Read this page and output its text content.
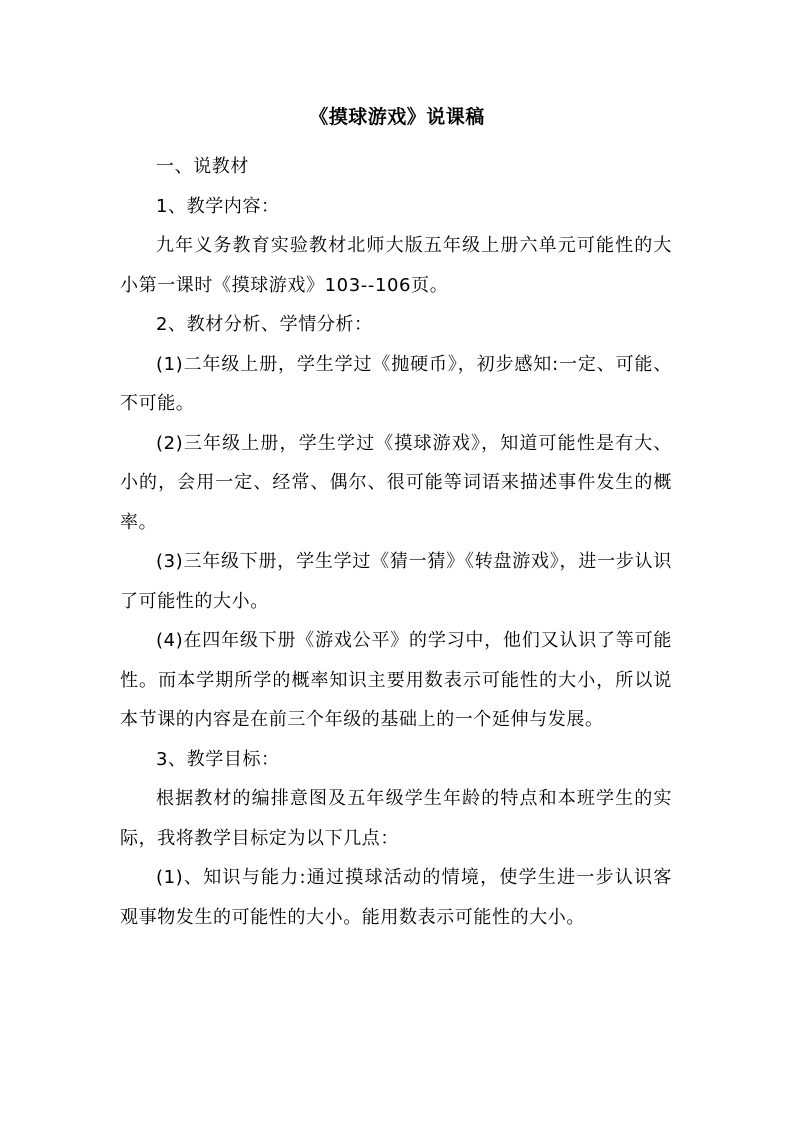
《摸球游戏》说课稿

一、说教材

1、教学内容：

九年义务教育实验教材北师大版五年级上册六单元可能性的大小第一课时《摸球游戏》103--106页。

2、教材分析、学情分析：

(1)二年级上册，学生学过《抛硬币》，初步感知:一定、可能、不可能。

(2)三年级上册，学生学过《摸球游戏》，知道可能性是有大、小的，会用一定、经常、偶尔、很可能等词语来描述事件发生的概率。

(3)三年级下册，学生学过《猜一猜》《转盘游戏》，进一步认识了可能性的大小。

(4)在四年级下册《游戏公平》的学习中，他们又认识了等可能性。而本学期所学的概率知识主要用数表示可能性的大小，所以说本节课的内容是在前三个年级的基础上的一个延伸与发展。

3、教学目标：

根据教材的编排意图及五年级学生年龄的特点和本班学生的实际，我将教学目标定为以下几点：

(1)、知识与能力:通过摸球活动的情境，使学生进一步认识客观事物发生的可能性的大小。能用数表示可能性的大小。
